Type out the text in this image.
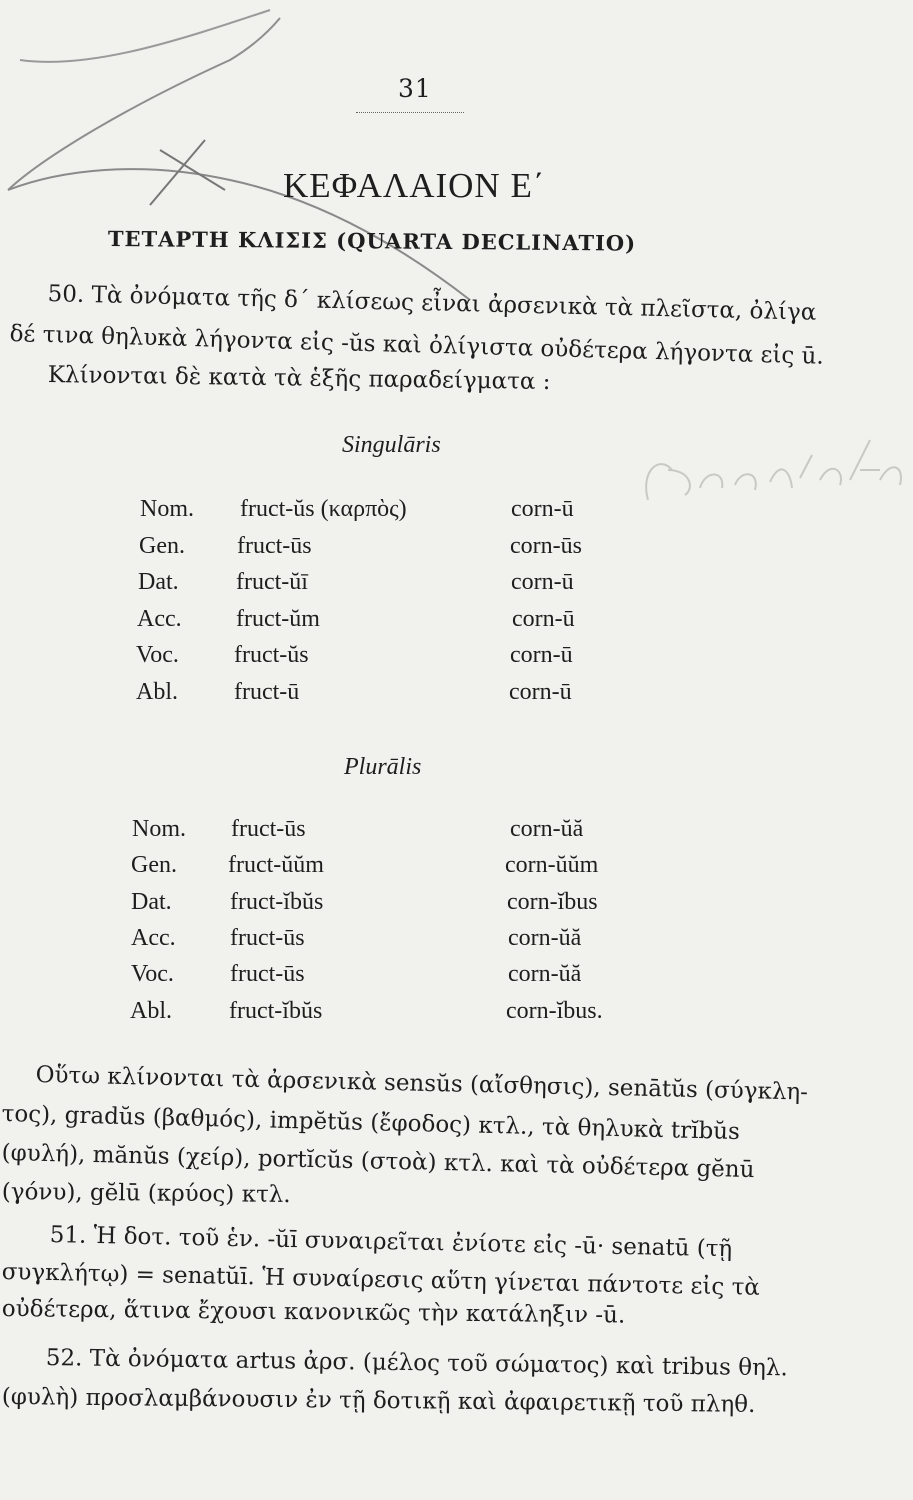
31
ΚΕΦΑΛΑΙΟΝ Ε΄
ΤΕΤΑΡΤΗ ΚΛΙΣΙΣ (QUARTA DECLINATIO)
50. Τὰ ὀνόματα τῆς δ΄ κλίσεως εἶναι ἀρσενικὰ τὰ πλεῖστα, ὀλίγα
δέ τινα θηλυκὰ λήγοντα εἰς -ŭs καὶ ὀλίγιστα οὐδέτερα λήγοντα εἰς ū.
Κλίνονται δὲ κατὰ τὰ ἑξῆς παραδείγματα :
Singulāris
Nom. fruct-ŭs (καρπὸς)	corn-ū
Gen. fruct-ūs	corn-ūs
Dat. fruct-ŭī	corn-ū
Acc. fruct-ŭm	corn-ū
Voc. fruct-ŭs	corn-ū
Abl. fruct-ū	corn-ū
Plurālis
Nom. fruct-ūs	corn-ŭă
Gen. fruct-ŭŭm	corn-ŭŭm
Dat. fruct-ĭbŭs	corn-ĭbus
Acc. fruct-ūs	corn-ŭă
Voc. fruct-ūs	corn-ŭă
Abl. fruct-ĭbŭs	corn-ĭbus.
Οὕτω κλίνονται τὰ ἀρσενικὰ sensŭs (αἴσθησις), senātŭs (σύγκλη-
τος), gradŭs (βαθμός), impĕtŭs (ἔφοδος) κτλ., τὰ θηλυκὰ trĭbŭs
(φυλή), mănŭs (χείρ), portĭcŭs (στοὰ) κτλ. καὶ τὰ οὐδέτερα gĕnū
(γόνυ), gĕlū (κρύος) κτλ.
51. Ἡ δοτ. τοῦ ἑν. -ŭī συναιρεῖται ἐνίοτε εἰς -ū· senatū (τῇ
συγκλήτῳ) = senatŭī. Ἡ συναίρεσις αὕτη γίνεται πάντοτε εἰς τὰ
οὐδέτερα, ἅτινα ἔχουσι κανονικῶς τὴν κατάληξιν -ū.
52. Τὰ ὀνόματα artus ἀρσ. (μέλος τοῦ σώματος) καὶ tribus θηλ.
(φυλὴ) προσλαμβάνουσιν ἐν τῇ δοτικῇ καὶ ἀφαιρετικῇ τοῦ πληθ.
